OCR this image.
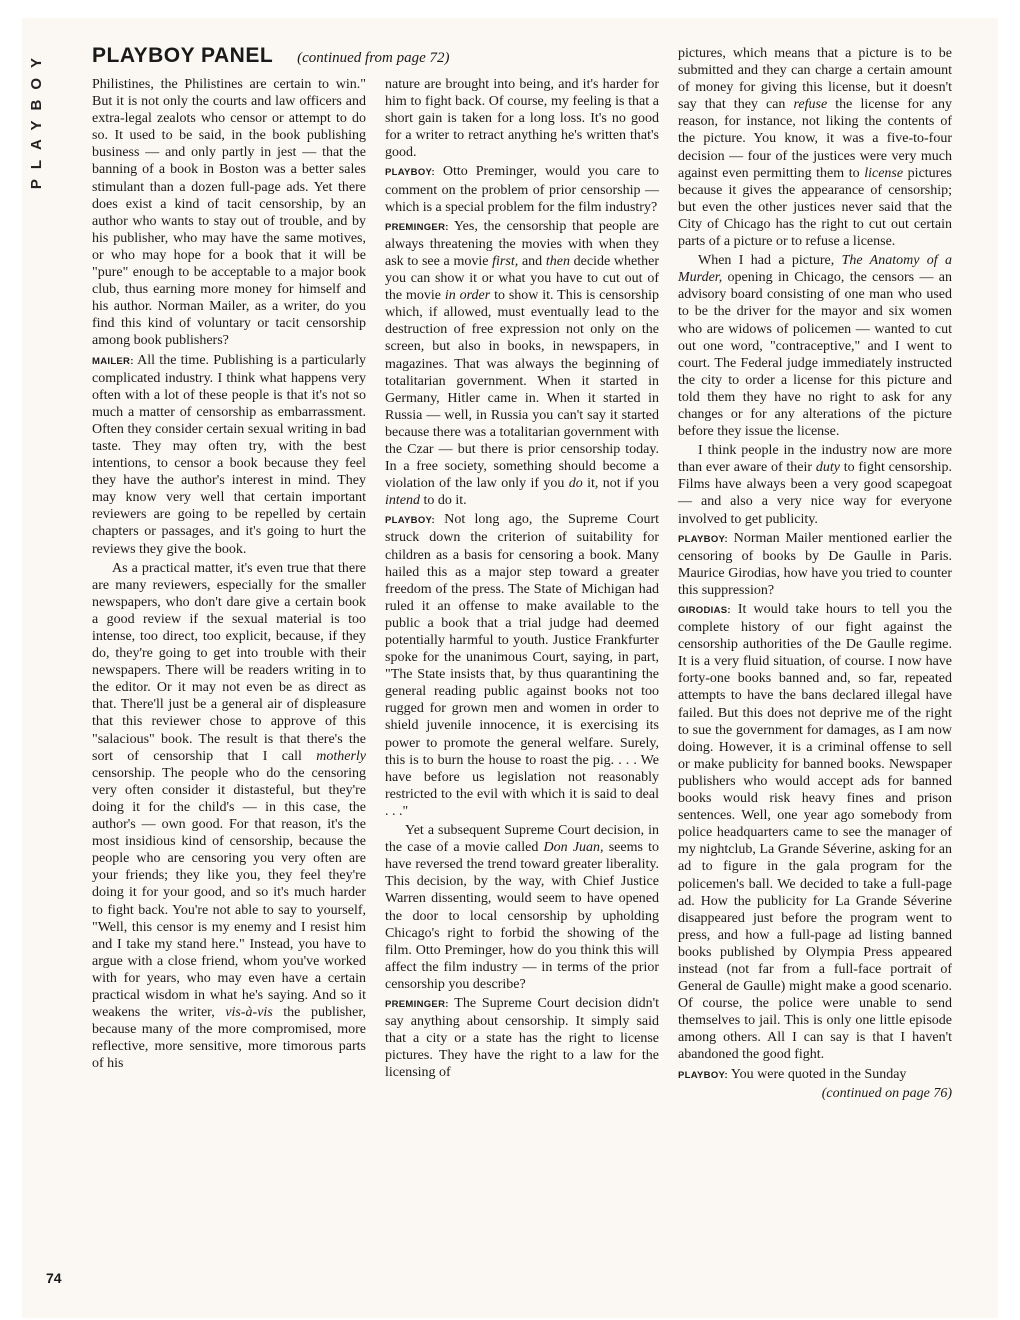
PLAYBOY PLAYBOY PANEL (continued from page 72)

Philistines, the Philistines are certain to win." But it is not only the courts and law officers and extra-legal zealots who censor or attempt to do so. It used to be said, in the book publishing business — and only partly in jest — that the banning of a book in Boston was a better sales stimulant than a dozen full-page ads. Yet there does exist a kind of tacit censorship, by an author who wants to stay out of trouble, and by his publisher, who may have the same motives, or who may hope for a book that it will be "pure" enough to be acceptable to a major book club, thus earning more money for himself and his author. Norman Mailer, as a writer, do you find this kind of voluntary or tacit censorship among book publishers?

MAILER: All the time. Publishing is a particularly complicated industry. I think what happens very often with a lot of these people is that it's not so much a matter of censorship as embarrassment. Often they consider certain sexual writing in bad taste. They may often try, with the best intentions, to censor a book because they feel they have the author's interest in mind. They may know very well that certain important reviewers are going to be repelled by certain chapters or passages, and it's going to hurt the reviews they give the book.

As a practical matter, it's even true that there are many reviewers, especially for the smaller newspapers, who don't dare give a certain book a good review if the sexual material is too intense, too direct, too explicit, because, if they do, they're going to get into trouble with their newspapers. There will be readers writing in to the editor. Or it may not even be as direct as that. There'll just be a general air of displeasure that this reviewer chose to approve of this "salacious" book. The result is that there's the sort of censorship that I call motherly censorship. The people who do the censoring very often consider it distasteful, but they're doing it for the child's — in this case, the author's — own good. For that reason, it's the most insidious kind of censorship, because the people who are censoring you very often are your friends; they like you, they feel they're doing it for your good, and so it's much harder to fight back. You're not able to say to yourself, "Well, this censor is my enemy and I resist him and I take my stand here." Instead, you have to argue with a close friend, whom you've worked with for years, who may even have a certain practical wisdom in what he's saying. And so it weakens the writer, vis-à-vis the publisher, because many of the more compromised, more reflective, more sensitive, more timorous parts of his

nature are brought into being, and it's harder for him to fight back. Of course, my feeling is that a short gain is taken for a long loss. It's no good for a writer to retract anything he's written that's good.

PLAYBOY: Otto Preminger, would you care to comment on the problem of prior censorship — which is a special problem for the film industry?

PREMINGER: Yes, the censorship that people are always threatening the movies with when they ask to see a movie first, and then decide whether you can show it or what you have to cut out of the movie in order to show it. This is censorship which, if allowed, must eventually lead to the destruction of free expression not only on the screen, but also in books, in newspapers, in magazines. That was always the beginning of totalitarian government. When it started in Germany, Hitler came in. When it started in Russia — well, in Russia you can't say it started because there was a totalitarian government with the Czar — but there is prior censorship today. In a free society, something should become a violation of the law only if you do it, not if you intend to do it.

PLAYBOY: Not long ago, the Supreme Court struck down the criterion of suitability for children as a basis for censoring a book. Many hailed this as a major step toward a greater freedom of the press. The State of Michigan had ruled it an offense to make available to the public a book that a trial judge had deemed potentially harmful to youth. Justice Frankfurter spoke for the unanimous Court, saying, in part, "The State insists that, by thus quarantining the general reading public against books not too rugged for grown men and women in order to shield juvenile innocence, it is exercising its power to promote the general welfare. Surely, this is to burn the house to roast the pig. . . . We have before us legislation not reasonably restricted to the evil with which it is said to deal . . ."

Yet a subsequent Supreme Court decision, in the case of a movie called Don Juan, seems to have reversed the trend toward greater liberality. This decision, by the way, with Chief Justice Warren dissenting, would seem to have opened the door to local censorship by upholding Chicago's right to forbid the showing of the film. Otto Preminger, how do you think this will affect the film industry — in terms of the prior censorship you describe?

PREMINGER: The Supreme Court decision didn't say anything about censorship. It simply said that a city or a state has the right to license pictures. They have the right to a law for the licensing of

pictures, which means that a picture is to be submitted and they can charge a certain amount of money for giving this license, but it doesn't say that they can refuse the license for any reason, for instance, not liking the contents of the picture. You know, it was a five-to-four decision — four of the justices were very much against even permitting them to license pictures because it gives the appearance of censorship; but even the other justices never said that the City of Chicago has the right to cut out certain parts of a picture or to refuse a license.

When I had a picture, The Anatomy of a Murder, opening in Chicago, the censors — an advisory board consisting of one man who used to be the driver for the mayor and six women who are widows of policemen — wanted to cut out one word, "contraceptive," and I went to court. The Federal judge immediately instructed the city to order a license for this picture and told them they have no right to ask for any changes or for any alterations of the picture before they issue the license.

I think people in the industry now are more than ever aware of their duty to fight censorship. Films have always been a very good scapegoat — and also a very nice way for everyone involved to get publicity.

PLAYBOY: Norman Mailer mentioned earlier the censoring of books by De Gaulle in Paris. Maurice Girodias, how have you tried to counter this suppression?

GIRODIAS: It would take hours to tell you the complete history of our fight against the censorship authorities of the De Gaulle regime. It is a very fluid situation, of course. I now have forty-one books banned and, so far, repeated attempts to have the bans declared illegal have failed. But this does not deprive me of the right to sue the government for damages, as I am now doing. However, it is a criminal offense to sell or make publicity for banned books. Newspaper publishers who would accept ads for banned books would risk heavy fines and prison sentences. Well, one year ago somebody from police headquarters came to see the manager of my nightclub, La Grande Séverine, asking for an ad to figure in the gala program for the policemen's ball. We decided to take a full-page ad. How the publicity for La Grande Séverine disappeared just before the program went to press, and how a full-page ad listing banned books published by Olympia Press appeared instead (not far from a full-face portrait of General de Gaulle) might make a good scenario. Of course, the police were unable to send themselves to jail. This is only one little episode among others. All I can say is that I haven't abandoned the good fight.

PLAYBOY: You were quoted in the Sunday

(continued on page 76)
74
